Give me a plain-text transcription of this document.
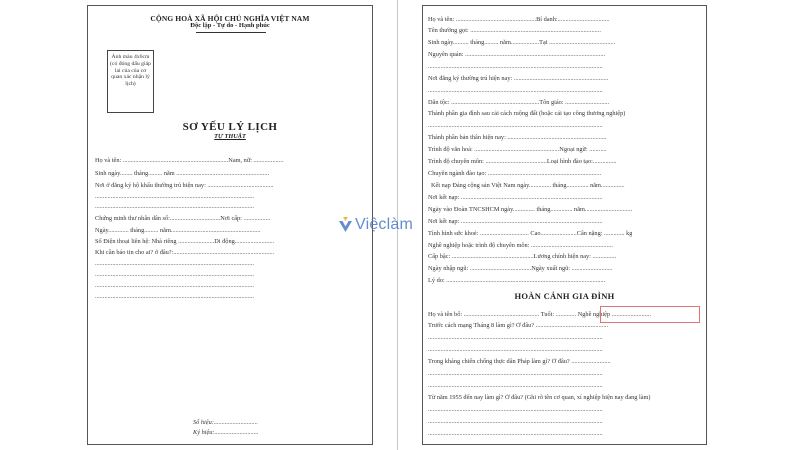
CỘNG HOÀ XÃ HỘI CHỦ NGHĨA VIỆT NAM
Độc lập - Tự do - Hạnh phúc
Ảnh màu 4x6cm (có đóng dấu giáp lai của của cơ quan xác nhận lý lịch)
SƠ YẾU LÝ LỊCH
TỰ THUẬT
Họ và tên: ...................................................................Nam, nữ: ...................
Sinh ngày........ tháng......... năm ...........................................................
Nơi ở đăng ký hộ khẩu thường trú hiện nay: ..........................................
.....................................................................................................
.....................................................................................................
Chứng minh thư nhân dân số:................................Nơi cấp: .................
Ngày............. tháng......... năm.........................................................
Số Điện thoại liên hệ: Nhà riêng .......................Di động.........................
Khi cần báo tin cho ai? ở đâu?:................................................................
.....................................................................................................
.....................................................................................................
.....................................................................................................
.....................................................................................................
Số hiệu:............................
Ký hiệu:............................
Họ và tên: ...................................................Bí danh:.................................
Tên thường gọi: ...................................................................................
Sinh ngày.......... tháng......... năm..................Tại ..........................................
Nguyên quán: .........................................................................................
...............................................................................................................
Nơi đăng ký thường trú hiện nay: ............................................................
...............................................................................................................
Dân tộc: ........................................................Tôn giáo: ............................
Thành phần gia đình sau cải cách ruộng đất (hoặc cải tạo công thương nghiệp)
...............................................................................................................
Thành phần bản thân hiện nay: ...............................................................
Trình độ văn hoá: ......................................................Ngoại ngữ: ...........
Trình độ chuyên môn: .......................................Loại hình đào tạo:...............
Chuyên ngành đào tạo: ........................................................................
Kết nạp Đảng cộng sản Việt Nam ngày.............. tháng.............. năm...............
Nơi kết nạp: ..........................................................................................
Ngày vào Đoàn TNCSHCM ngày.............. tháng.............. năm..............................
Nơi kết nạp: ..........................................................................................
Tình hình sức khoẻ: ............................... Cao.......................Cân nặng: ............. kg
Nghề nghiệp hoặc trình độ chuyên môn: ....................................................
Cấp bậc: ....................................................Lương chính hiện nay: ...............
Ngày nhập ngũ: .......................................Ngày xuất ngũ: ..........................
Lý do: .....................................................................................................
HOÀN CẢNH GIA ĐÌNH
Họ và tên bố: ................................................ Tuổi: ............. Nghề nghiệp .........................
Trước cách mạng Tháng 8 làm gì? Ở đâu? ..............................................
...............................................................................................................
...............................................................................................................
Trong kháng chiến chống thực dân Pháp làm gì? Ở đâu? .........................
...............................................................................................................
...............................................................................................................
Từ năm 1955 đến nay làm gì? Ở đâu? (Ghi rõ tên cơ quan, xí nghiệp hiện nay đang làm)
...............................................................................................................
...............................................................................................................
...............................................................................................................
Việclàm
